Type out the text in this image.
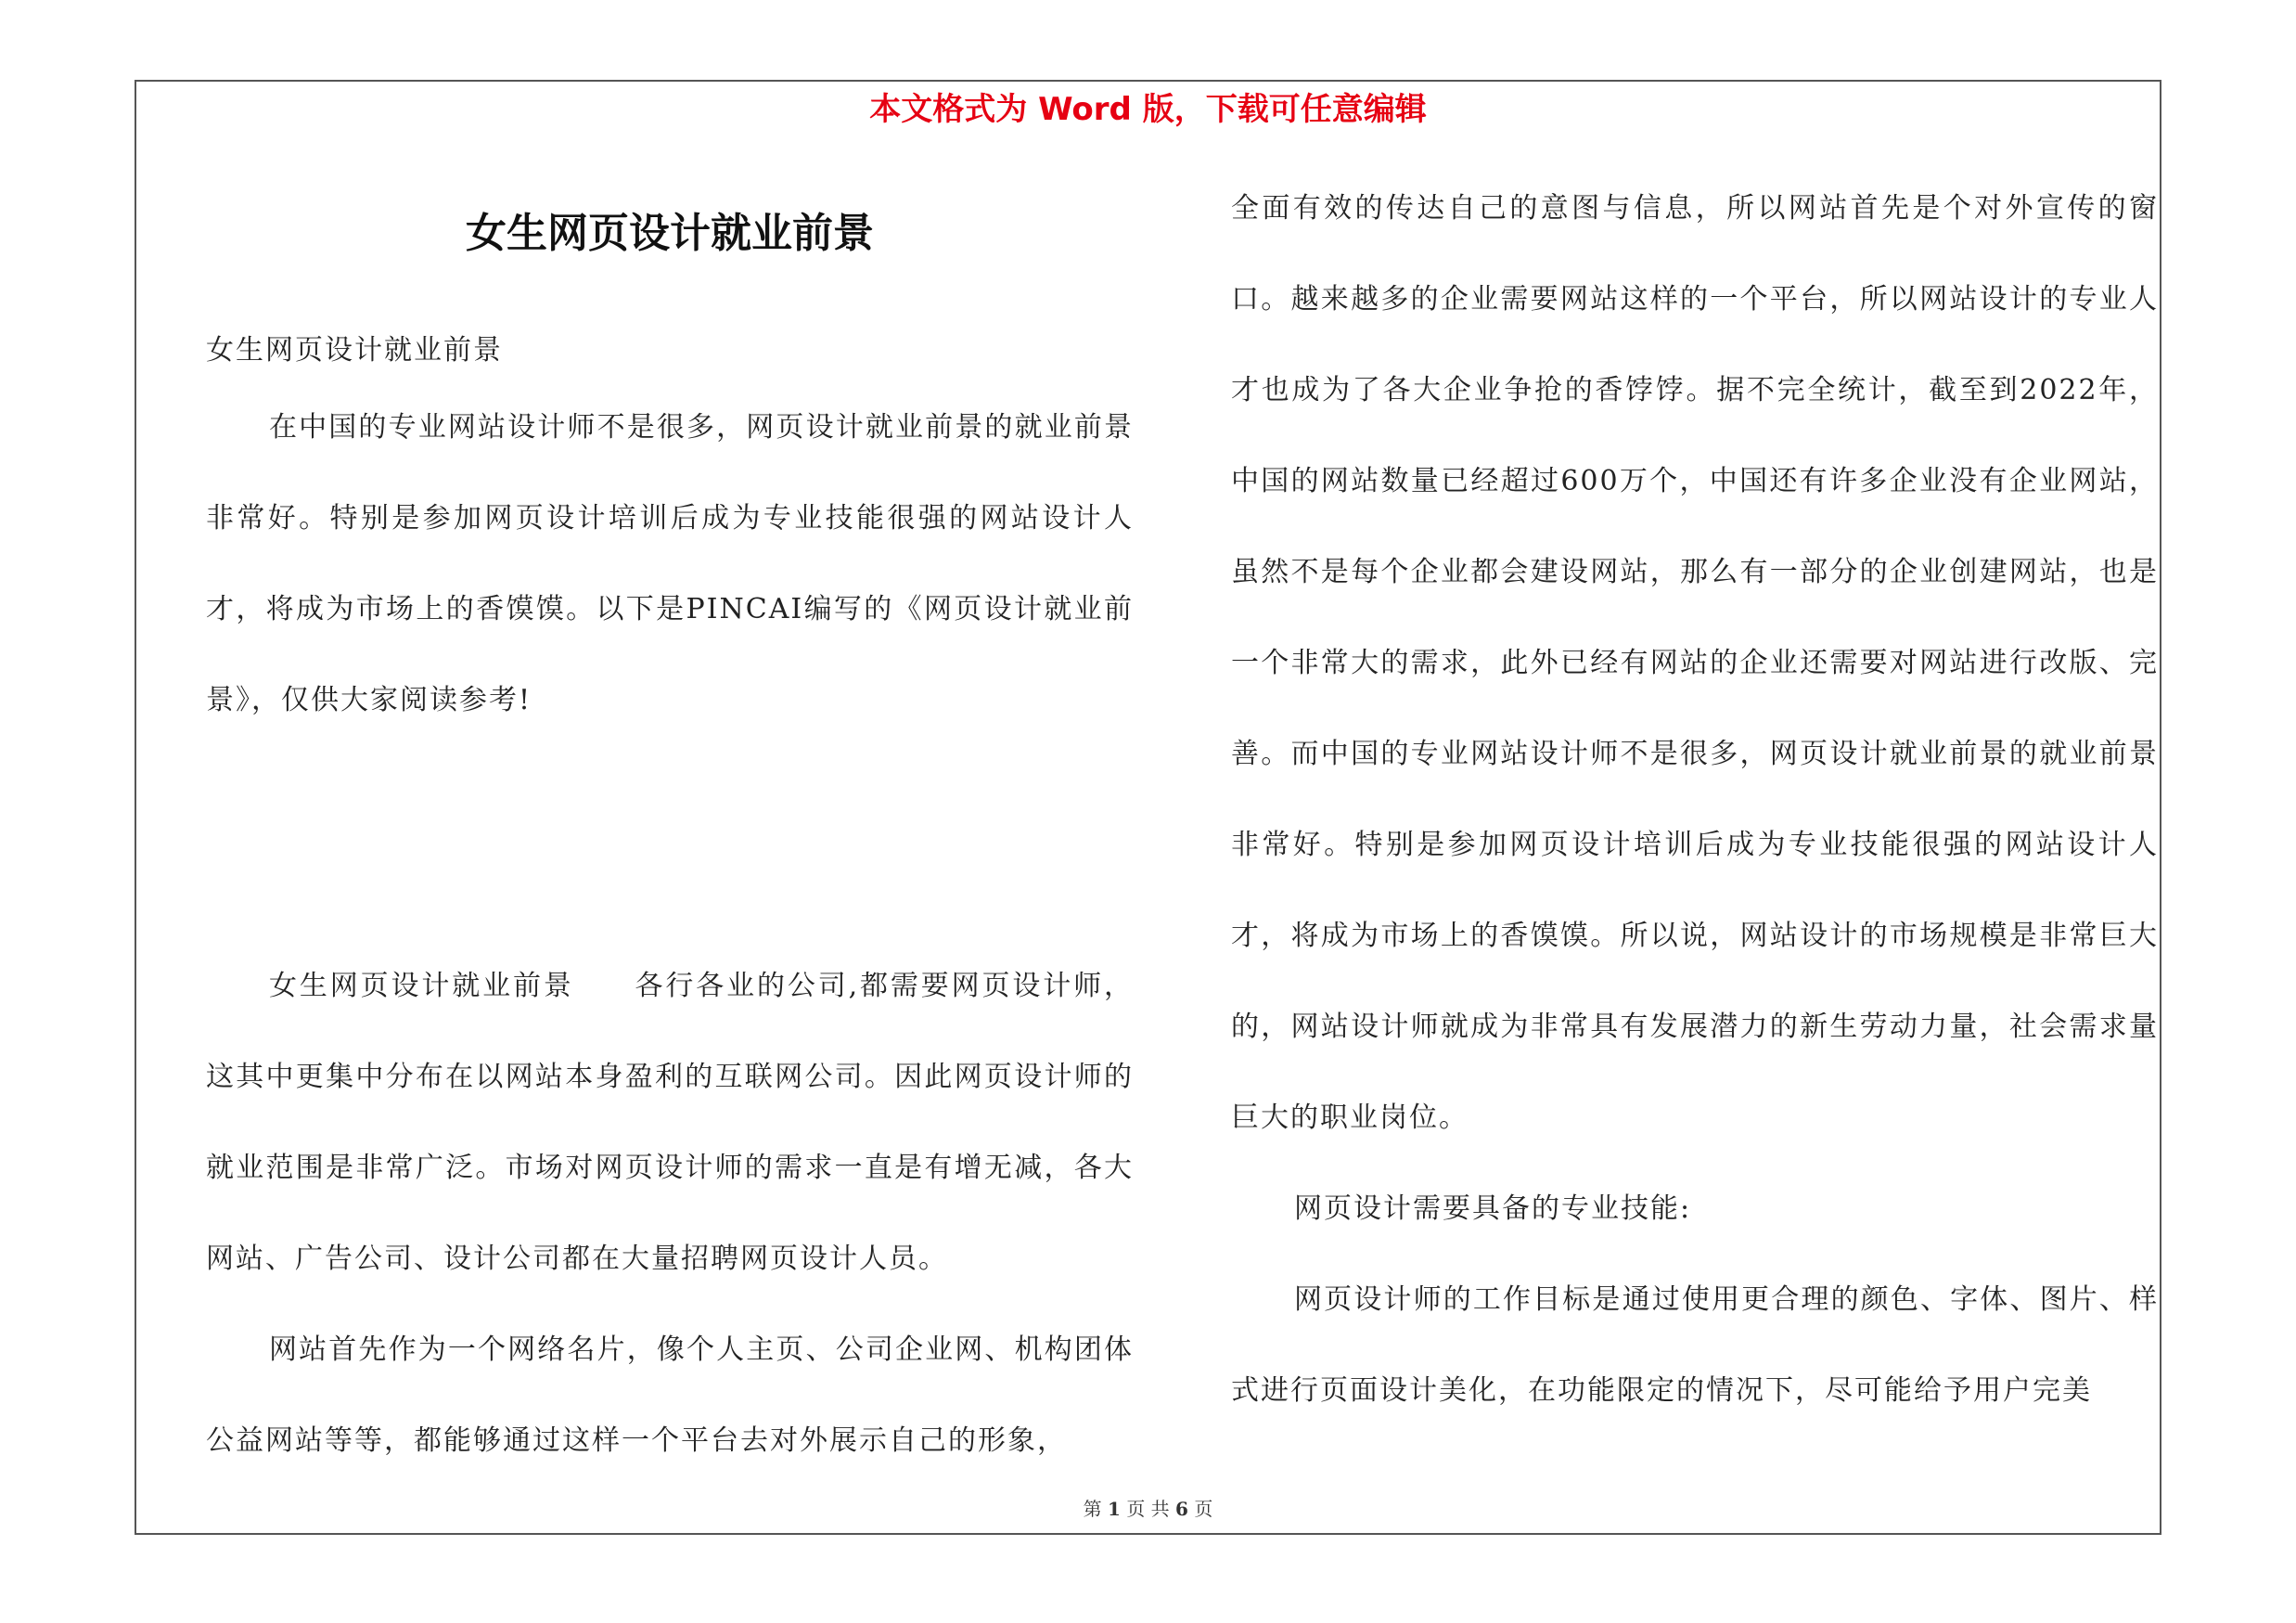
本文格式为 Word 版，下载可任意编辑
女生网页设计就业前景

女生网页设计就业前景

在中国的专业网站设计师不是很多，网页设计就业前景的就业前景非常好。特别是参加网页设计培训后成为专业技能很强的网站设计人才，将成为市场上的香馍馍。以下是PINCAI编写的《网页设计就业前景》，仅供大家阅读参考!

女生网页设计就业前景　　各行各业的公司,都需要网页设计师，这其中更集中分布在以网站本身盈利的互联网公司。因此网页设计师的就业范围是非常广泛。市场对网页设计师的需求一直是有增无减，各大网站、广告公司、设计公司都在大量招聘网页设计人员。

网站首先作为一个网络名片，像个人主页、公司企业网、机构团体公益网站等等，都能够通过这样一个平台去对外展示自己的形象，

全面有效的传达自己的意图与信息，所以网站首先是个对外宣传的窗口。越来越多的企业需要网站这样的一个平台，所以网站设计的专业人才也成为了各大企业争抢的香饽饽。据不完全统计，截至到2022年，中国的网站数量已经超过600万个，中国还有许多企业没有企业网站，虽然不是每个企业都会建设网站，那么有一部分的企业创建网站，也是一个非常大的需求，此外已经有网站的企业还需要对网站进行改版、完善。而中国的专业网站设计师不是很多，网页设计就业前景的就业前景非常好。特别是参加网页设计培训后成为专业技能很强的网站设计人才，将成为市场上的香馍馍。所以说，网站设计的市场规模是非常巨大的，网站设计师就成为非常具有发展潜力的新生劳动力量，社会需求量巨大的职业岗位。

网页设计需要具备的专业技能:

网页设计师的工作目标是通过使用更合理的颜色、字体、图片、样式进行页面设计美化，在功能限定的情况下，尽可能给予用户完美

第 1 页 共 6 页
